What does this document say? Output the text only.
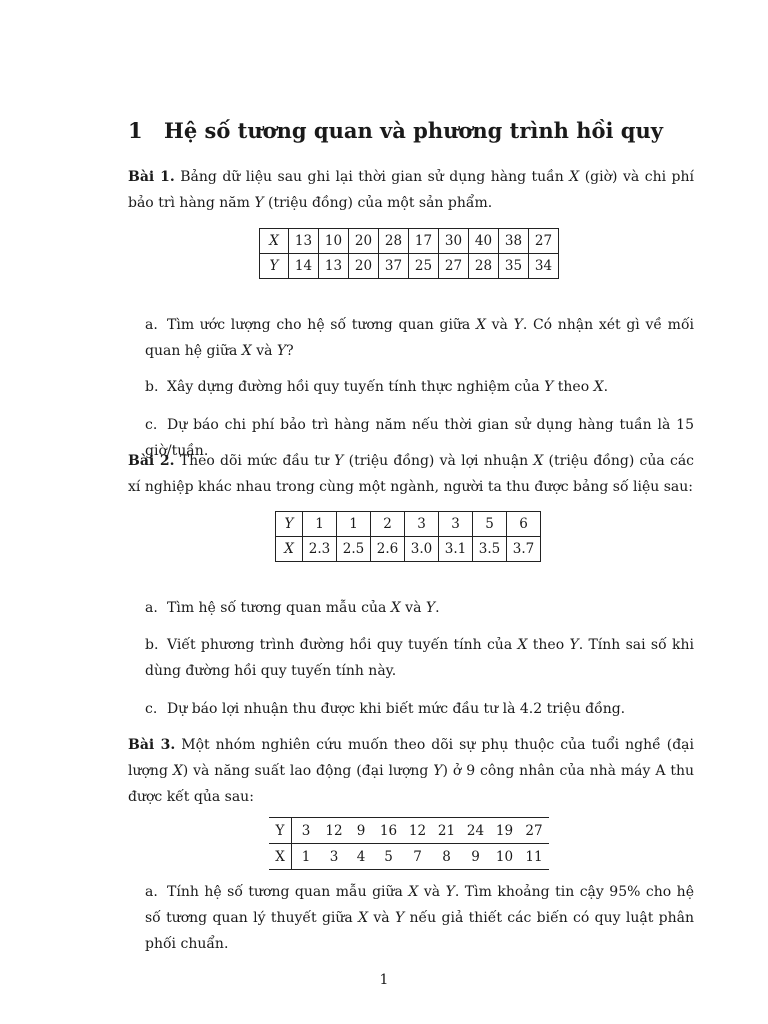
1 Hệ số tương quan và phương trình hồi quy
Bài 1. Bảng dữ liệu sau ghi lại thời gian sử dụng hàng tuần X (giờ) và chi phí bảo trì hàng năm Y (triệu đồng) của một sản phẩm.
X	13	10	20	28	17	30	40	38	27
Y	14	13	20	37	25	27	28	35	34
a. Tìm ước lượng cho hệ số tương quan giữa X và Y. Có nhận xét gì về mối quan hệ giữa X và Y?
b. Xây dựng đường hồi quy tuyến tính thực nghiệm của Y theo X.
c. Dự báo chi phí bảo trì hàng năm nếu thời gian sử dụng hàng tuần là 15 giờ/tuần.
Bài 2. Theo dõi mức đầu tư Y (triệu đồng) và lợi nhuận X (triệu đồng) của các xí nghiệp khác nhau trong cùng một ngành, người ta thu được bảng số liệu sau:
Y	1	1	2	3	3	5	6
X	2.3	2.5	2.6	3.0	3.1	3.5	3.7
a. Tìm hệ số tương quan mẫu của X và Y.
b. Viết phương trình đường hồi quy tuyến tính của X theo Y. Tính sai số khi dùng đường hồi quy tuyến tính này.
c. Dự báo lợi nhuận thu được khi biết mức đầu tư là 4.2 triệu đồng.
Bài 3. Một nhóm nghiên cứu muốn theo dõi sự phụ thuộc của tuổi nghề (đại lượng X) và năng suất lao động (đại lượng Y) ở 9 công nhân của nhà máy A thu được kết qủa sau:
Y	3	12	9	16	12	21	24	19	27
X	1	3	4	5	7	8	9	10	11
a. Tính hệ số tương quan mẫu giữa X và Y. Tìm khoảng tin cậy 95% cho hệ số tương quan lý thuyết giữa X và Y nếu giả thiết các biến có quy luật phân phối chuẩn.
1
